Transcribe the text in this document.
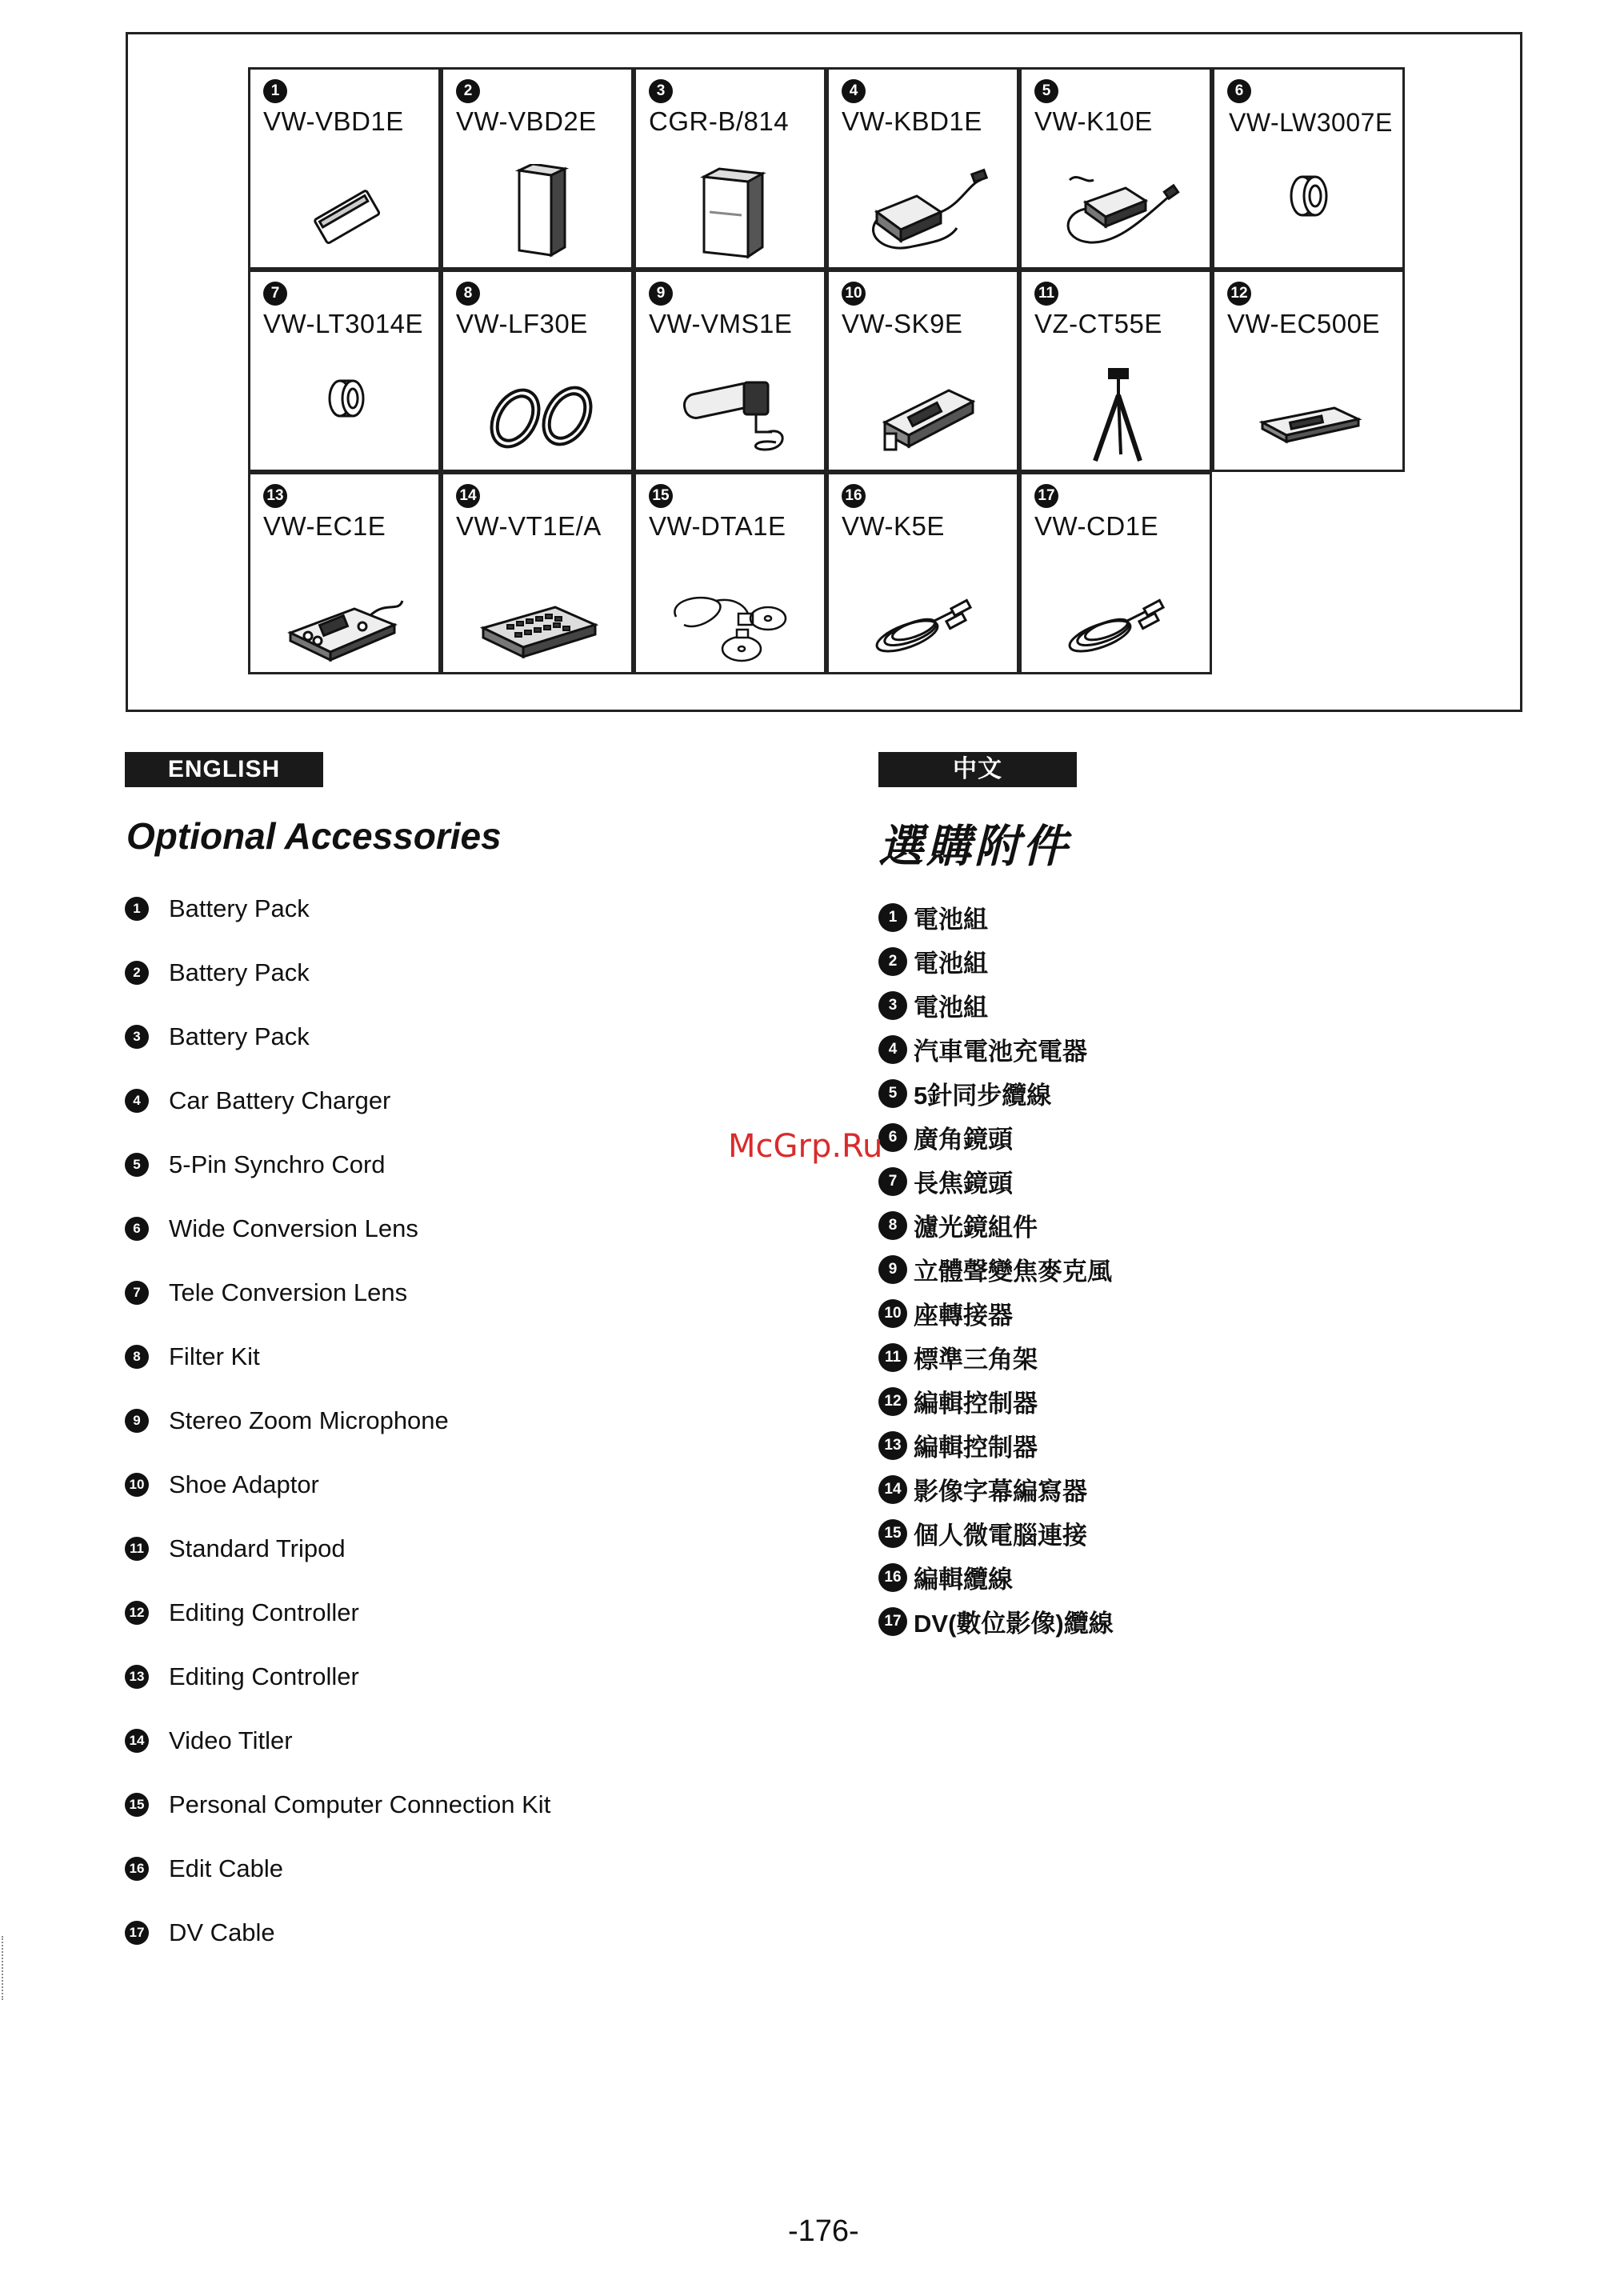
1
VW-VBD1E
2
VW-VBD2E
3
CGR-B/814
4
VW-KBD1E
5
VW-K10E
6
VW-LW3007E
7
VW-LT3014E
8
VW-LF30E
9
VW-VMS1E
10
VW-SK9E
11
VZ-CT55E
12
VW-EC500E
13
VW-EC1E
14
VW-VT1E/A
15
VW-DTA1E
16
VW-K5E
17
VW-CD1E
ENGLISH	中文
Optional Accessories	選購附件
1 Battery Pack
2 Battery Pack
3 Battery Pack
4 Car Battery Charger
5 5-Pin Synchro Cord
6 Wide Conversion Lens
7 Tele Conversion Lens
8 Filter Kit
9 Stereo Zoom Microphone
10 Shoe Adaptor
11 Standard Tripod
12 Editing Controller
13 Editing Controller
14 Video Titler
15 Personal Computer Connection Kit
16 Edit Cable
17 DV Cable
1 電池組
2 電池組
3 電池組
4 汽車電池充電器
5 5針同步纜線
6 廣角鏡頭
7 長焦鏡頭
8 濾光鏡組件
9 立體聲變焦麥克風
10 座轉接器
11 標準三角架
12 編輯控制器
13 編輯控制器
14 影像字幕編寫器
15 個人微電腦連接
16 編輯纜線
17 DV(數位影像)纜線
McGrp.Ru
-176-
